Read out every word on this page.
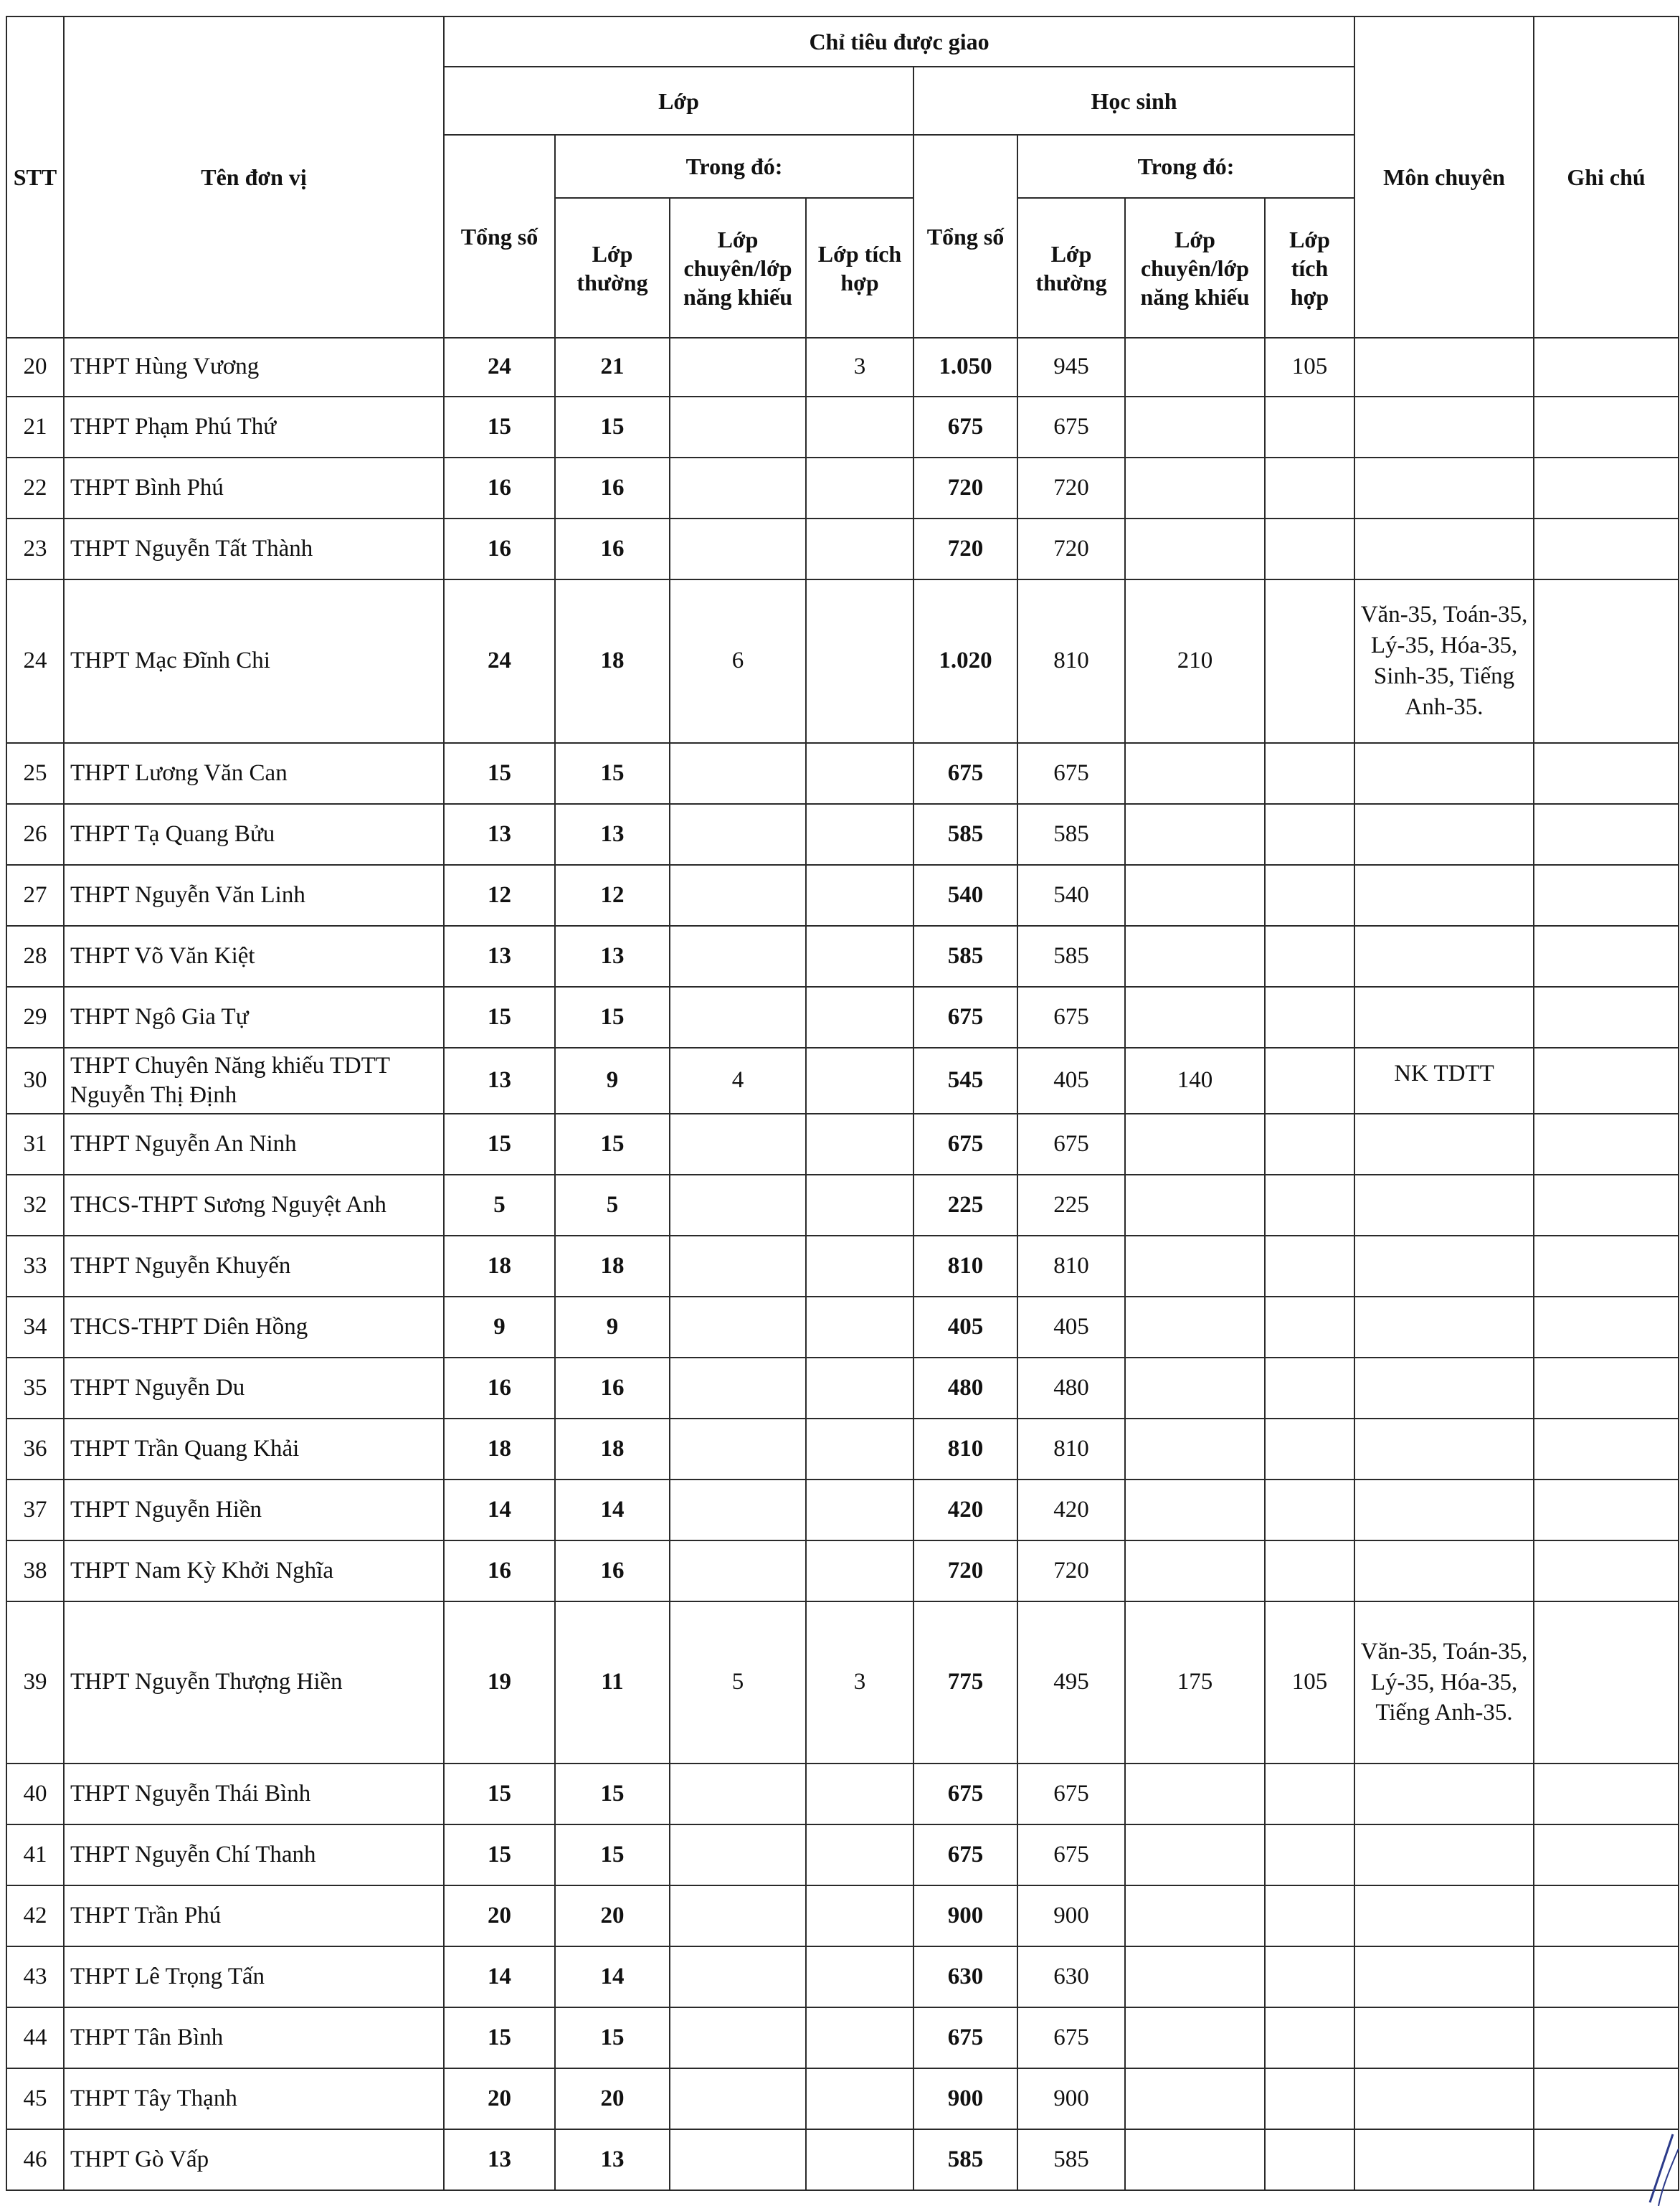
STT	Tên đơn vị	Chỉ tiêu được giao								Môn chuyên	Ghi chú
		Lớp				Học sinh					
		Tổng số	Trong đó:			Tổng số	Trong đó:				
			Lớp thường	Lớp chuyên/lớp năng khiếu	Lớp tích hợp		Lớp thường	Lớp chuyên/lớp năng khiếu	Lớp tích hợp		
20	THPT Hùng Vương	24	21		3	1.050	945		105		
21	THPT Phạm Phú Thứ	15	15			675	675				
22	THPT Bình Phú	16	16			720	720				
23	THPT Nguyễn Tất Thành	16	16			720	720				
24	THPT Mạc Đĩnh Chi	24	18	6		1.020	810	210		Văn-35, Toán-35, Lý-35, Hóa-35, Sinh-35, Tiếng Anh-35.	
25	THPT Lương Văn Can	15	15			675	675				
26	THPT Tạ Quang Bửu	13	13			585	585				
27	THPT Nguyễn Văn Linh	12	12			540	540				
28	THPT Võ Văn Kiệt	13	13			585	585				
29	THPT Ngô Gia Tự	15	15			675	675				
30	THPT Chuyên Năng khiếu TDTT Nguyễn Thị Định	13	9	4		545	405	140		NK TDTT	
31	THPT Nguyễn An Ninh	15	15			675	675				
32	THCS-THPT Sương Nguyệt Anh	5	5			225	225				
33	THPT Nguyễn Khuyến	18	18			810	810				
34	THCS-THPT Diên Hồng	9	9			405	405				
35	THPT Nguyễn Du	16	16			480	480				
36	THPT Trần Quang Khải	18	18			810	810				
37	THPT Nguyễn Hiền	14	14			420	420				
38	THPT Nam Kỳ Khởi Nghĩa	16	16			720	720				
39	THPT Nguyễn Thượng Hiền	19	11	5	3	775	495	175	105	Văn-35, Toán-35, Lý-35, Hóa-35, Tiếng Anh-35.	
40	THPT Nguyễn Thái Bình	15	15			675	675				
41	THPT Nguyễn Chí Thanh	15	15			675	675				
42	THPT Trần Phú	20	20			900	900				
43	THPT Lê Trọng Tấn	14	14			630	630				
44	THPT Tân Bình	15	15			675	675				
45	THPT Tây Thạnh	20	20			900	900				
46	THPT Gò Vấp	13	13			585	585				
